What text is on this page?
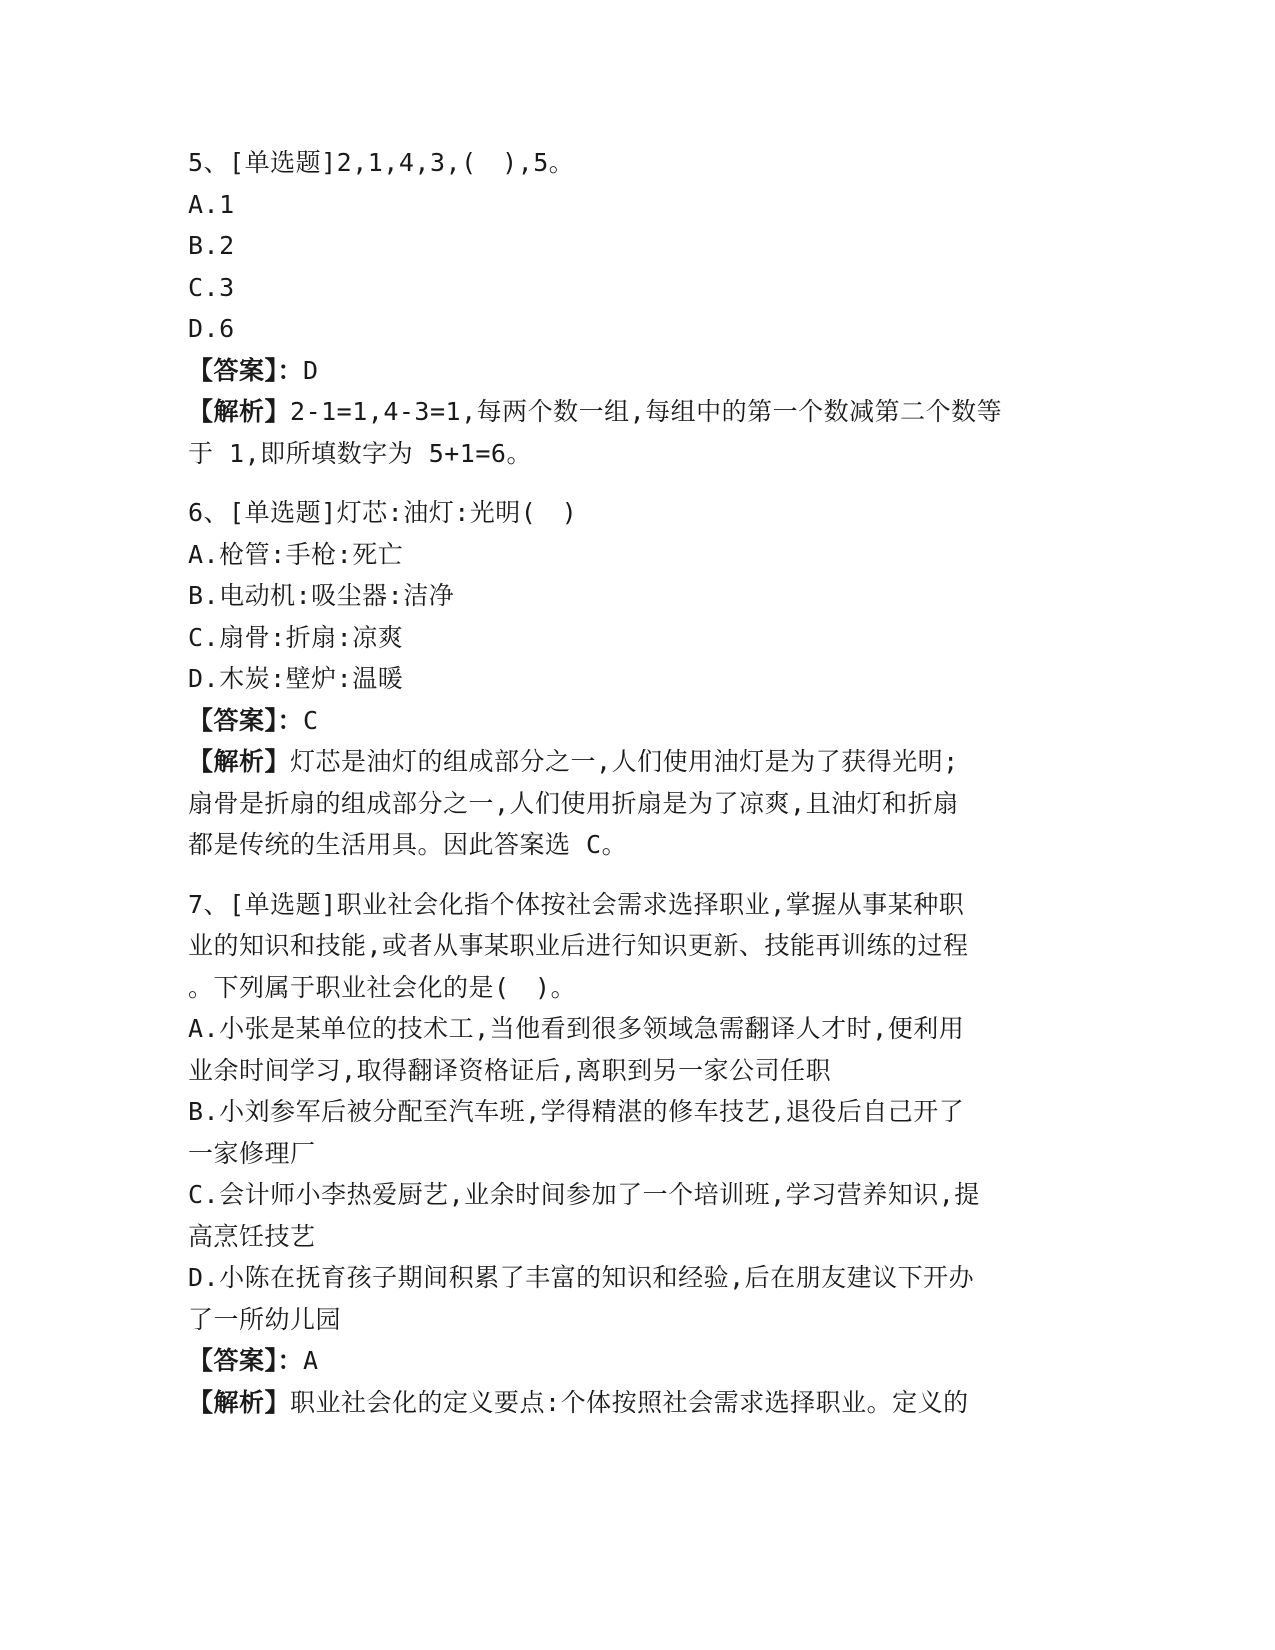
5、[单选题]2,1,4,3,(　),5。
A.1
B.2
C.3
D.6
【答案】：D
【解析】2-1=1,4-3=1,每两个数一组,每组中的第一个数减第二个数等
于 1,即所填数字为 5+1=6。
6、[单选题]灯芯:油灯:光明(　)
A.枪管:手枪:死亡
B.电动机:吸尘器:洁净
C.扇骨:折扇:凉爽
D.木炭:壁炉:温暖
【答案】：C
【解析】灯芯是油灯的组成部分之一,人们使用油灯是为了获得光明;
扇骨是折扇的组成部分之一,人们使用折扇是为了凉爽,且油灯和折扇
都是传统的生活用具。因此答案选 C。
7、[单选题]职业社会化指个体按社会需求选择职业,掌握从事某种职
业的知识和技能,或者从事某职业后进行知识更新、技能再训练的过程
。下列属于职业社会化的是(　)。
A.小张是某单位的技术工,当他看到很多领域急需翻译人才时,便利用
业余时间学习,取得翻译资格证后,离职到另一家公司任职
B.小刘参军后被分配至汽车班,学得精湛的修车技艺,退役后自己开了
一家修理厂
C.会计师小李热爱厨艺,业余时间参加了一个培训班,学习营养知识,提
高烹饪技艺
D.小陈在抚育孩子期间积累了丰富的知识和经验,后在朋友建议下开办
了一所幼儿园
【答案】：A
【解析】职业社会化的定义要点:个体按照社会需求选择职业。定义的
